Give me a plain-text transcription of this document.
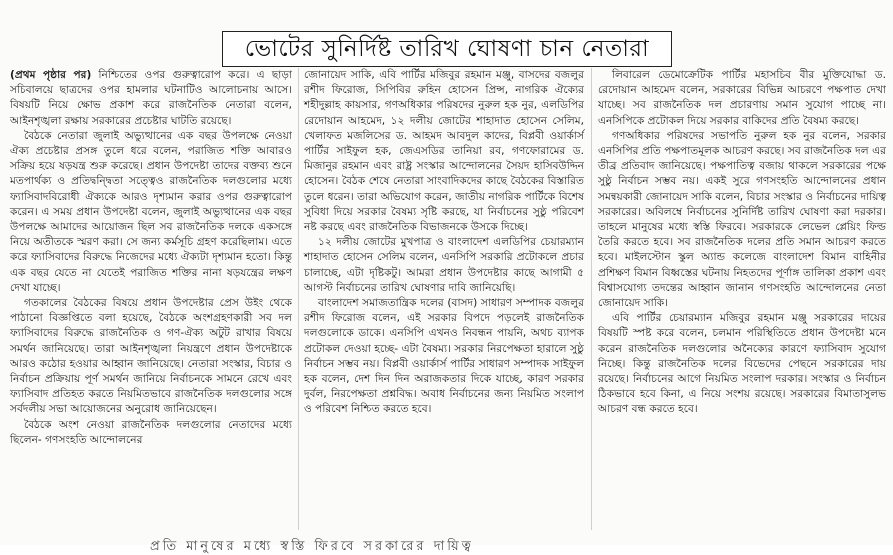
ভোটের সুনির্দিষ্ট তারিখ ঘোষণা চান নেতারা

(প্রথম পৃষ্ঠার পর) নিশ্চিতের ওপর গুরুত্বারোপ করে। এ ছাড়া সচিবালয়ে ছাত্রদের ওপর হামলার ঘটনাটিও আলোচনায় আসে। বিষয়টি নিয়ে ক্ষোভ প্রকাশ করে রাজনৈতিক নেতারা বলেন, আইনশৃঙ্খলা রক্ষায় সরকারের প্রচেষ্টার ঘাটতি রয়েছে।

বৈঠকে নেতারা জুলাই অভ্যুত্থানের এক বছর উপলক্ষে নেওয়া ঐক্য প্রচেষ্টার প্রসঙ্গ তুলে ধরে বলেন, পরাজিত শক্তি আবারও সক্রিয় হয়ে ষড়যন্ত্র শুরু করেছে। প্রধান উপদেষ্টা তাদের বক্তব্য শুনে মতপার্থক্য ও প্রতিদ্বন্দ্বিতা সত্ত্বেও রাজনৈতিক দলগুলোর মধ্যে ফ্যাসিবাদবিরোধী ঐক্যকে আরও দৃশ্যমান করার ওপর গুরুত্বারোপ করেন। এ সময় প্রধান উপদেষ্টা বলেন, জুলাই অভ্যুত্থানের এক বছর উপলক্ষে আমাদের আয়োজন ছিল সব রাজনৈতিক দলকে একসঙ্গে নিয়ে অতীতকে স্মরণ করা। সে জন্য কর্মসূচি গ্রহণ করেছিলাম। এতে করে ফ্যাসিবাদের বিরুদ্ধে নিজেদের মধ্যে ঐক্যটা দৃশ্যমান হতো। কিন্তু এক বছর যেতে না যেতেই পরাজিত শক্তির নানা ষড়যন্ত্রের লক্ষণ দেখা যাচ্ছে।

গতকালের বৈঠকের বিষয়ে প্রধান উপদেষ্টার প্রেস উইং থেকে পাঠানো বিজ্ঞপ্তিতে বলা হয়েছে, বৈঠকে অংশগ্রহণকারী সব দল ফ্যাসিবাদের বিরুদ্ধে রাজনৈতিক ও গণ-ঐক্য অটুট রাখার বিষয়ে সমর্থন জানিয়েছে। তারা আইনশৃঙ্খলা নিয়ন্ত্রণে প্রধান উপদেষ্টাকে আরও কঠোর হওয়ার আহ্বান জানিয়েছে। নেতারা সংস্কার, বিচার ও নির্বাচন প্রক্রিয়ায় পূর্ণ সমর্থন জানিয়ে নির্বাচনকে সামনে রেখে এবং ফ্যাসিবাদ প্রতিহত করতে নিয়মিতভাবে রাজনৈতিক দলগুলোর সঙ্গে সর্বদলীয় সভা আয়োজনের অনুরোধ জানিয়েছেন।

বৈঠকে অংশ নেওয়া রাজনৈতিক দলগুলোর নেতাদের মধ্যে ছিলেন- গণসংহতি আন্দোলনের

জোনায়েদ সাকি, এবি পার্টির মজিবুর রহমান মঞ্জু, বাসদের বজলুর রশীদ ফিরোজ, সিপিবির রুহিন হোসেন প্রিন্স, নাগরিক ঐক্যের শহীদুল্লাহ কায়সার, গণঅধিকার পরিষদের নুরুল হক নুর, এলডিপির রেদোয়ান আহমেদ, ১২ দলীয় জোটের শাহাদাত হোসেন সেলিম, খেলাফত মজলিসের ড. আহমদ আবদুল কাদের, বিপ্লবী ওয়ার্কার্স পার্টির সাইফুল হক, জেএসডির তানিয়া রব, গণফোরামের ড. মিজানুর রহমান এবং রাষ্ট্র সংস্কার আন্দোলনের সৈয়দ হাসিবউদ্দিন হোসেন। বৈঠক শেষে নেতারা সাংবাদিকদের কাছে বৈঠকের বিস্তারিত তুলে ধরেন। তারা অভিযোগ করেন, জাতীয় নাগরিক পার্টিকে বিশেষ সুবিধা দিয়ে সরকার বৈষম্য সৃষ্টি করছে, যা নির্বাচনের সুষ্ঠু পরিবেশ নষ্ট করছে এবং রাজনৈতিক বিভাজনকে উসকে দিচ্ছে।

১২ দলীয় জোটের মুখপাত্র ও বাংলাদেশ এলডিপির চেয়ারম্যান শাহাদাত হোসেন সেলিম বলেন, এনসিপি সরকারি প্রটোকলে প্রচার চালাচ্ছে, এটা দৃষ্টিকটু। আমরা প্রধান উপদেষ্টার কাছে আগামী ৫ আগস্ট নির্বাচনের তারিখ ঘোষণার দাবি জানিয়েছি।

বাংলাদেশ সমাজতান্ত্রিক দলের (বাসদ) সাধারণ সম্পাদক বজলুর রশীদ ফিরোজ বলেন, এই সরকার বিপদে পড়লেই রাজনৈতিক দলগুলোকে ডাকে। এনসিপি এখনও নিবন্ধন পায়নি, অথচ ব্যাপক প্রটোকল দেওয়া হচ্ছে- এটা বৈষম্য। সরকার নিরপেক্ষতা হারালে সুষ্ঠু নির্বাচন সম্ভব নয়। বিপ্লবী ওয়ার্কার্স পার্টির সাধারণ সম্পাদক সাইফুল হক বলেন, দেশ দিন দিন অরাজকতার দিকে যাচ্ছে, কারণ সরকার দুর্বল, নিরপেক্ষতা প্রশ্নবিদ্ধ। অবাধ নির্বাচনের জন্য নিয়মিত সংলাপ ও পরিবেশ নিশ্চিত করতে হবে।

লিবারেল ডেমোক্রেটিক পার্টির মহাসচিব বীর মুক্তিযোদ্ধা ড. রেদোয়ান আহমেদ বলেন, সরকারের বিভিন্ন আচরণে পক্ষপাত দেখা যাচ্ছে। সব রাজনৈতিক দল প্রচারণায় সমান সুযোগ পাচ্ছে না। এনসিপিকে প্রটোকল দিয়ে সরকার বাকিদের প্রতি বৈষম্য করছে।

গণঅধিকার পরিষদের সভাপতি নুরুল হক নুর বলেন, সরকার এনসিপির প্রতি পক্ষপাতমূলক আচরণ করছে। সব রাজনৈতিক দল এর তীব্র প্রতিবাদ জানিয়েছে। পক্ষপাতিত্ব বজায় থাকলে সরকারের পক্ষে সুষ্ঠু নির্বাচন সম্ভব নয়। একই সুরে গণসংহতি আন্দোলনের প্রধান সমন্বয়কারী জোনায়েদ সাকি বলেন, বিচার সংস্কার ও নির্বাচনের দায়িত্ব সরকারের। অবিলম্বে নির্বাচনের সুনির্দিষ্ট তারিখ ঘোষণা করা দরকার। তাহলে মানুষের মধ্যে স্বস্তি ফিরবে। সরকারকে লেভেল প্লেয়িং ফিল্ড তৈরি করতে হবে। সব রাজনৈতিক দলের প্রতি সমান আচরণ করতে হবে। মাইলস্টোন স্কুল অ্যান্ড কলেজে বাংলাদেশ বিমান বাহিনীর প্রশিক্ষণ বিমান বিধ্বস্তের ঘটনায় নিহতদের পূর্ণাঙ্গ তালিকা প্রকাশ এবং বিশ্বাসযোগ্য তদন্তের আহ্বান জানান গণসংহতি আন্দোলনের নেতা জোনায়েদ সাকি।

এবি পার্টির চেয়ারম্যান মজিবুর রহমান মঞ্জু সরকারের দায়ের বিষয়টি স্পষ্ট করে বলেন, চলমান পরিস্থিতিতে প্রধান উপদেষ্টা মনে করেন রাজনৈতিক দলগুলোর অনৈক্যের কারণে ফ্যাসিবাদ সুযোগ নিচ্ছে। কিন্তু রাজনৈতিক দলের বিভেদের পেছনে সরকারের দায় রয়েছে। নির্বাচনের আগে নিয়মিত সংলাপ দরকার। সংস্কার ও নির্বাচন ঠিকভাবে হবে কিনা, এ নিয়ে সংশয় রয়েছে। সরকারের বিমাতাসুলভ আচরণ বন্ধ করতে হবে।

প্রতি মানুষের মধ্যে স্বস্তি ফিরবে সরকারের দায়িত্ব
